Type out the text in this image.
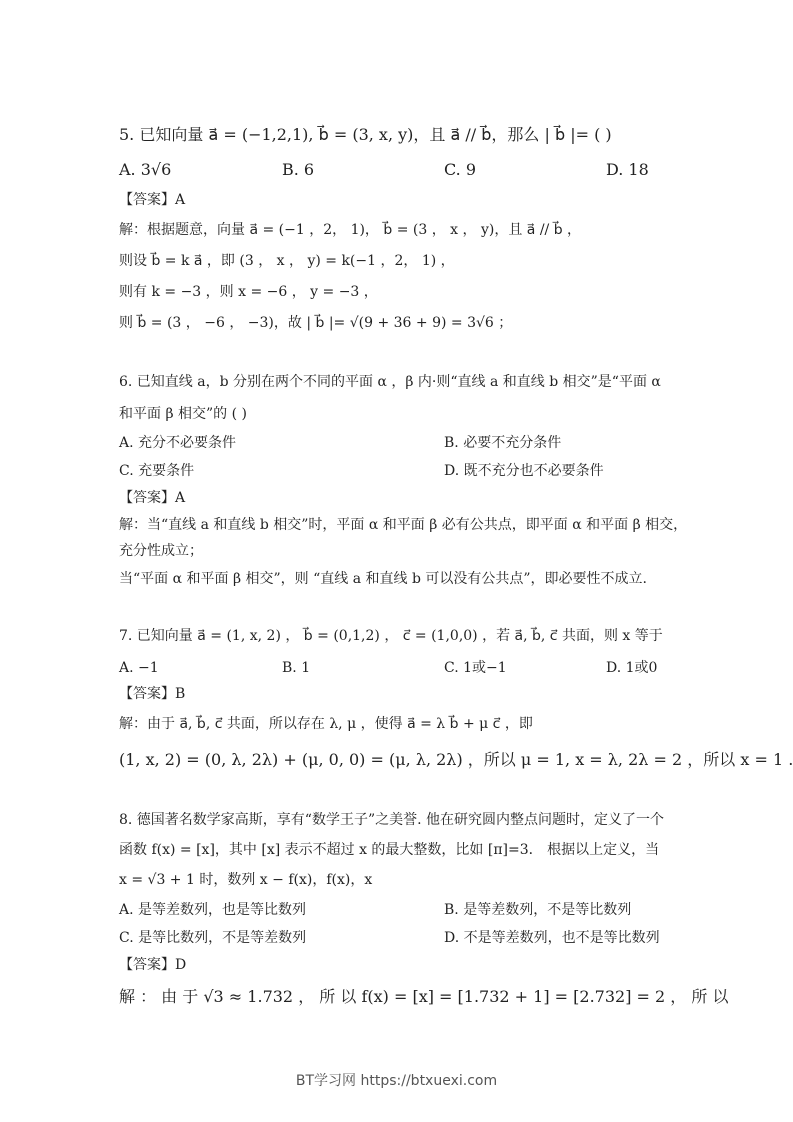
5. 已知向量 a⃗ = (−1,2,1), b⃗ = (3, x, y)，且 a⃗ // b⃗，那么 | b⃗ |= ( )
A. 3√6	B. 6	C. 9	D. 18
【答案】A
解：根据题意，向量 a⃗ = (−1 ，2， 1)， b⃗ = (3 ， x ， y)，且 a⃗ // b⃗ ，
则设 b⃗ = k a⃗ ，即 (3 ， x ， y) = k(−1 ，2， 1) ，
则有 k = −3 ，则 x = −6 ， y = −3 ，
则 b⃗ = (3 ， −6 ， −3)，故 | b⃗ |= √(9 + 36 + 9) = 3√6 ；
6. 已知直线 a，b 分别在两个不同的平面 α ，β 内·则“直线 a 和直线 b 相交”是“平面 α
和平面 β 相交”的 ( )
A. 充分不必要条件	B. 必要不充分条件
C. 充要条件	D. 既不充分也不必要条件
【答案】A
解：当“直线 a 和直线 b 相交”时，平面 α 和平面 β 必有公共点，即平面 α 和平面 β 相交，
充分性成立；
当“平面 α 和平面 β 相交”，则 “直线 a 和直线 b 可以没有公共点”，即必要性不成立.
7. 已知向量 a⃗ = (1, x, 2) ， b⃗ = (0,1,2) ， c⃗ = (1,0,0) ，若 a⃗, b⃗, c⃗ 共面，则 x 等于
A. −1	B. 1	C. 1或−1	D. 1或0
【答案】B
解：由于 a⃗, b⃗, c⃗ 共面，所以存在 λ, μ ，使得 a⃗ = λ b⃗ + μ c⃗ ，即
(1, x, 2) = (0, λ, 2λ) + (μ, 0, 0) = (μ, λ, 2λ) ，所以 μ = 1, x = λ, 2λ = 2 ，所以 x = 1 .
8. 德国著名数学家高斯，享有“数学王子”之美誉. 他在研究圆内整点问题时，定义了一个
函数 f(x) = [x]，其中 [x] 表示不超过 x 的最大整数，比如 [π]=3． 根据以上定义，当
x = √3 + 1 时，数列 x − f(x)，f(x)，x
A. 是等差数列，也是等比数列	B. 是等差数列，不是等比数列
C. 是等比数列，不是等差数列	D. 不是等差数列，也不是等比数列
【答案】D
解 ： 由 于 √3 ≈ 1.732 ， 所 以 f(x) = [x] = [1.732 + 1] = [2.732] = 2 ， 所 以
BT学习网 https://btxuexi.com
